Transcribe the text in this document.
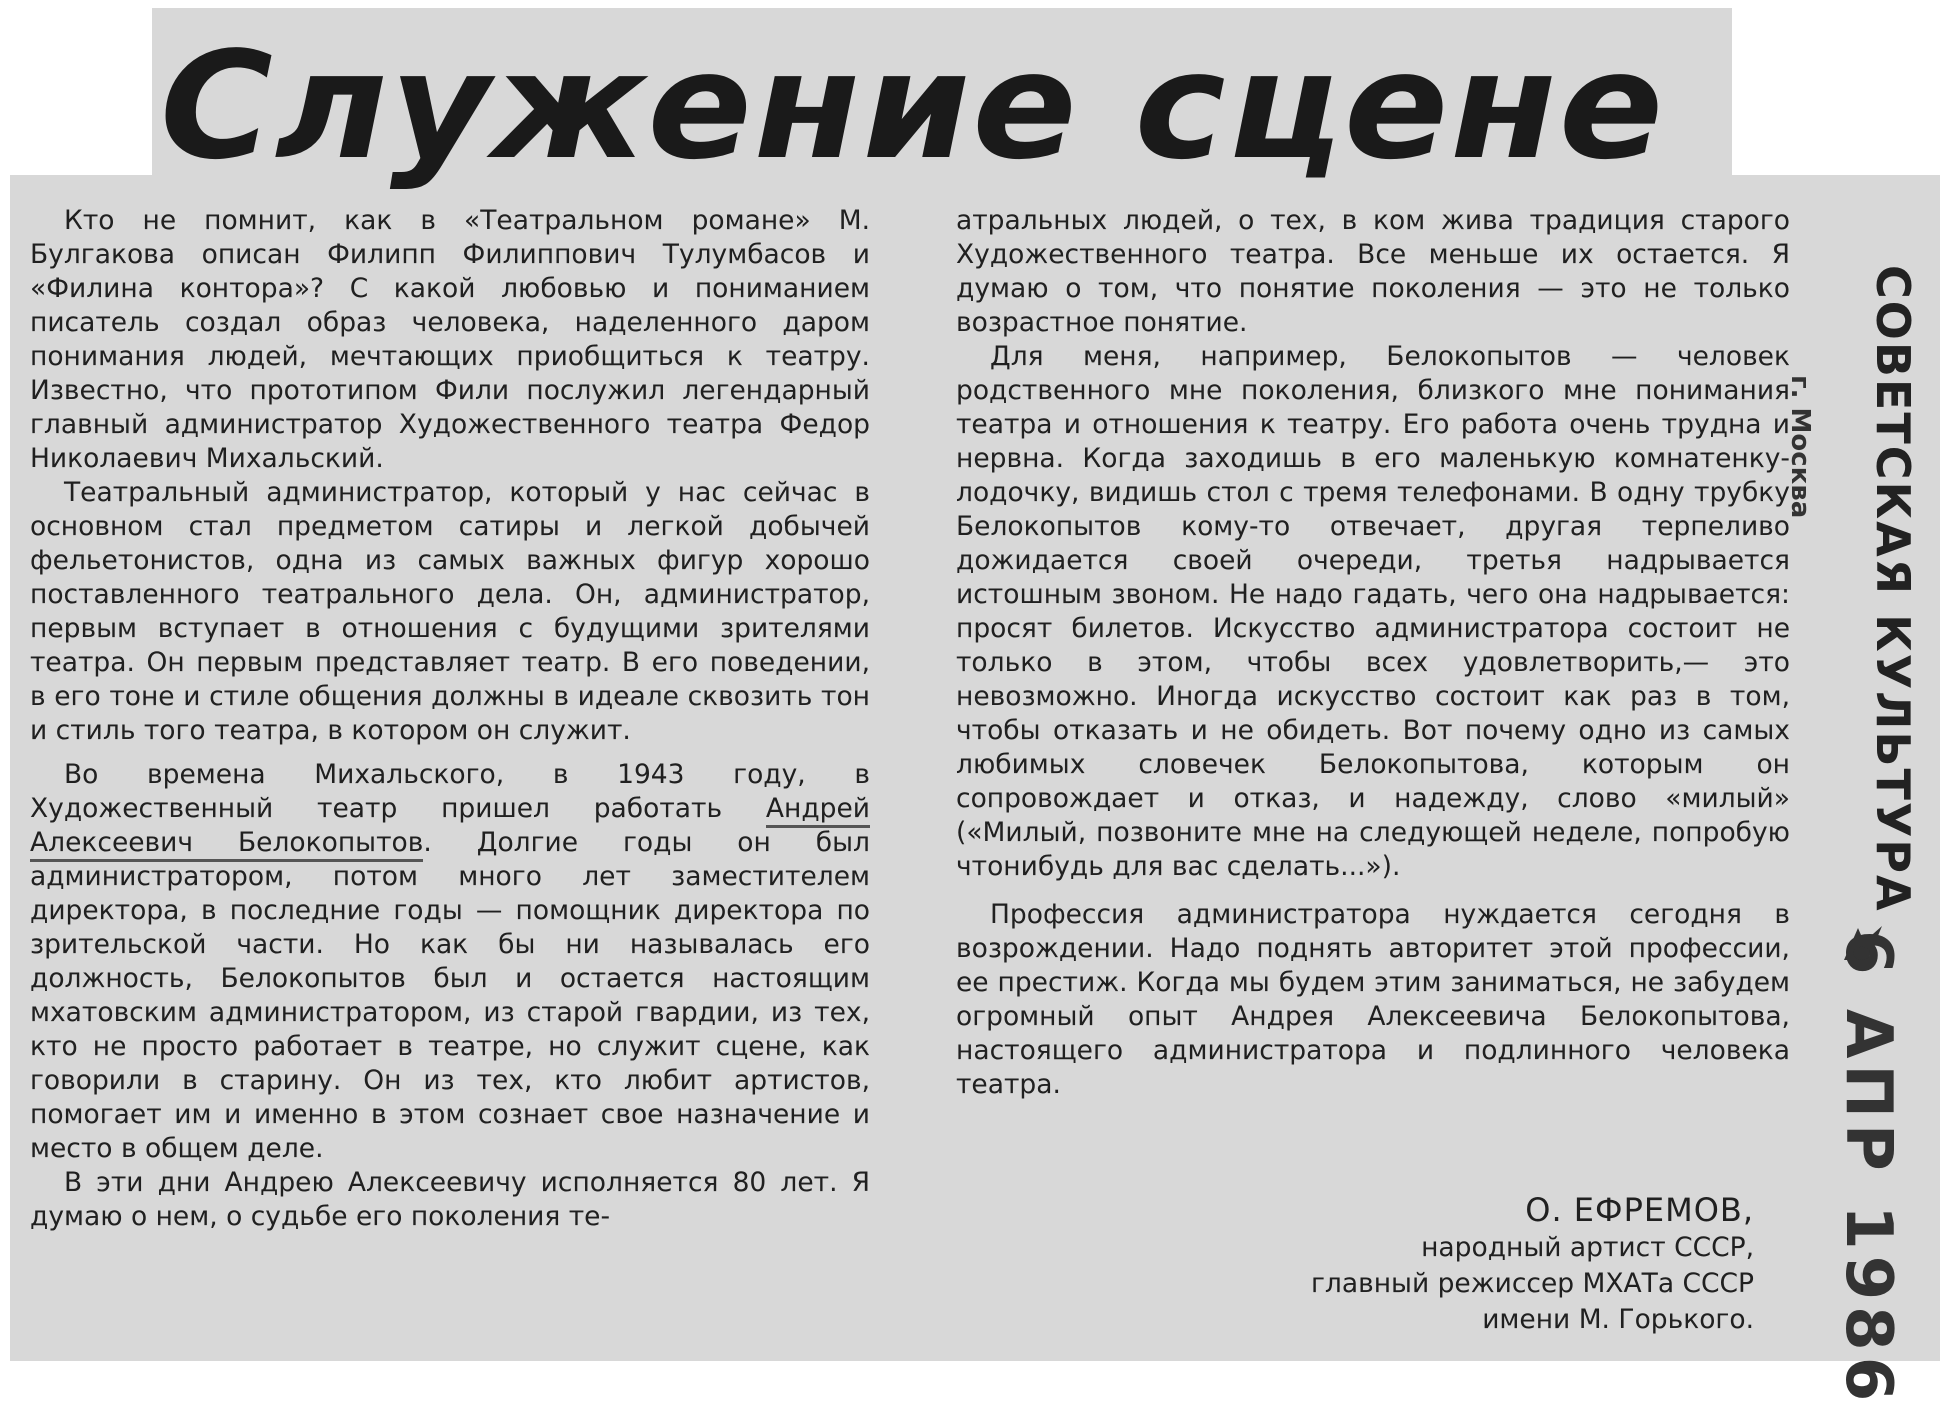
Служение сцене

Кто не помнит, как в «Театральном романе» М. Булгакова описан Филипп Филиппович Тулумбасов и «Филина контора»? С какой любовью и пониманием писатель создал образ человека, наделенного даром понимания людей, мечтающих приобщиться к театру. Известно, что прототипом Фили послужил легендарный главный администратор Художественного театра Федор Николаевич Михальский.

Театральный администратор, который у нас сейчас в основном стал предметом сатиры и легкой добычей фельетонистов, одна из самых важных фигур хорошо поставленного театрального дела. Он, администратор, первым вступает в отношения с будущими зрителями театра. Он первым представляет театр. В его поведении, в его тоне и стиле общения должны в идеале сквозить тон и стиль того театра, в котором он служит.

Во времена Михальского, в 1943 году, в Художественный театр пришел работать Андрей Алексеевич Белокопытов. Долгие годы он был администратором, потом много лет заместителем директора, в последние годы — помощник директора по зрительской части. Но как бы ни называлась его должность, Белокопытов был и остается настоящим мхатовским администратором, из старой гвардии, из тех, кто не просто работает в театре, но служит сцене, как говорили в старину. Он из тех, кто любит артистов, помогает им и именно в этом сознает свое назначение и место в общем деле.

В эти дни Андрею Алексеевичу исполняется 80 лет. Я думаю о нем, о судьбе его поколения те-

атральных людей, о тех, в ком жива традиция старого Художественного театра. Все меньше их остается. Я думаю о том, что понятие поколения — это не только возрастное понятие.

Для меня, например, Белокопытов — человек родственного мне поколения, близкого мне понимания театра и отношения к театру. Его работа очень трудна и нервна. Когда заходишь в его маленькую комнатенку-лодочку, видишь стол с тремя телефонами. В одну трубку Белокопытов кому-то отвечает, другая терпеливо дожидается своей очереди, третья надрывается истошным звоном. Не надо гадать, чего она надрывается: просят билетов. Искусство администратора состоит не только в этом, чтобы всех удовлетворить,— это невозможно. Иногда искусство состоит как раз в том, чтобы отказать и не обидеть. Вот почему одно из самых любимых словечек Белокопытова, которым он сопровождает и отказ, и надежду, слово «милый» («Милый, позвоните мне на следующей неделе, попробую чтонибудь для вас сделать...»).

Профессия администратора нуждается сегодня в возрождении. Надо поднять авторитет этой профессии, ее престиж. Когда мы будем этим заниматься, не забудем огромный опыт Андрея Алексеевича Белокопытова, настоящего администратора и подлинного человека театра.

О. ЕФРЕМОВ,
народный артист СССР,
главный режиссер МХАТа СССР
имени М. Горького.
СОВЕТСКАЯ КУЛЬТУРА
г. Москва
6 АПР 1986
